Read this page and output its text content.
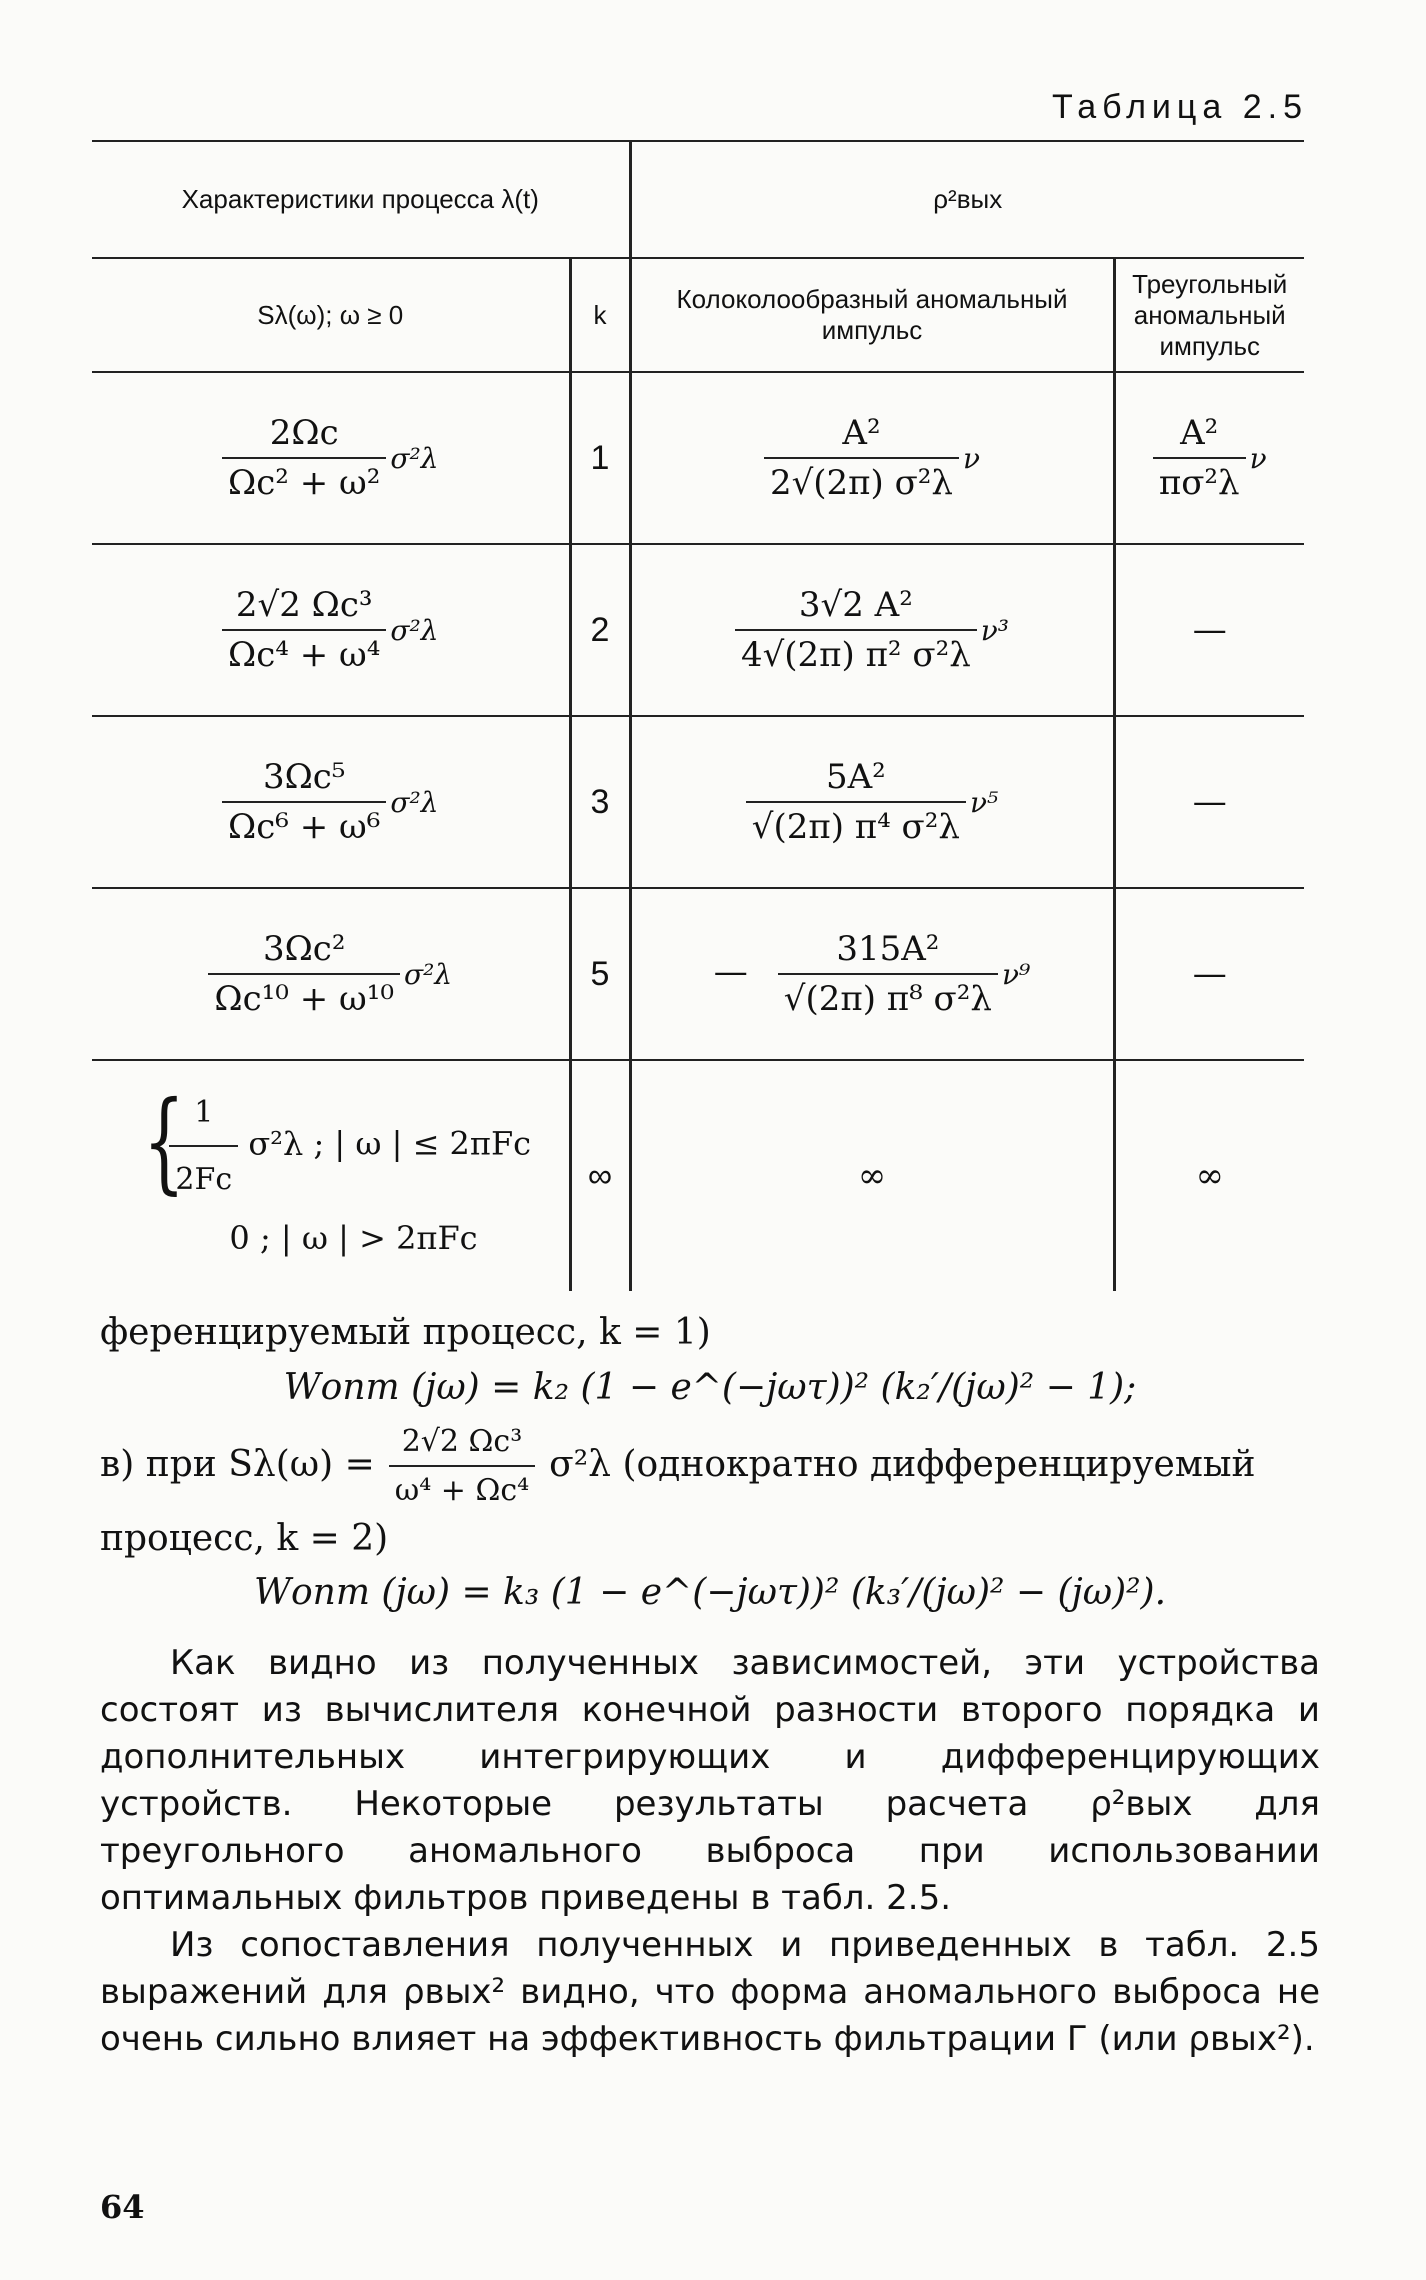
Таблица 2.5
Характеристики процесса λ(t)		ρ²вых	
Sλ(ω); ω ≥ 0	k	Колоколообразный аномальный импульс	Треугольный аномальный импульс

$\frac{2\Omega c}{\text{Ωc² + ω²}} \sigma^2\lambda$	1	$\frac{\text{A²}}{\text{2√(2π) σ²λ}}$ ν	$\frac{\text{A²}}{\text{πσ²λ}}$ ν

$\frac{\text{2√2 Ωc³}}{\text{Ωc⁴ + ω⁴}} \sigma^2\lambda$	2	$\frac{\text{3√2 A²}}{\text{4√(2π) π² σ²λ}} \nu^3$	—

$\frac{\text{3Ωc⁵}}{\text{Ωc⁶ + ω⁶}} \sigma^2\lambda$	3	$\frac{\text{5A²}}{\text{√(2π) π⁴ σ²λ}} \nu^5$	—

$\frac{\text{3Ωc²}}{\text{Ωc¹⁰ + ω¹⁰}} \sigma^2\lambda$	5	— $\frac{\text{315A²}}{\text{√(2π) π⁸ σ²λ}} \nu^9$	—

{
$\frac{1}{2Fc} \sigma^2\lambda$ ; | ω | ≤ 2πFc
0 ; | ω | > 2πFc	∞	∞	∞
ференцируемый процесс, k = 1)
Wопт (jω) = k₂ (1 − e^(−jωτ))² (k₂′/(jω)² − 1);
в) при $S\lambda(\omega) = \frac{\text{2√2 Ωc³}}{\text{ω⁴ + Ωc⁴}} \sigma^2\lambda$ (однократно дифференцируемый
процесс, k = 2)
Wопт (jω) = k₃ (1 − e^(−jωτ))² (k₃′/(jω)² − (jω)²).
Как видно из полученных зависимостей, эти устройства состоят из вычислителя конечной разности второго порядка и дополнительных интегрирующих и дифференцирующих устройств. Некоторые результаты расчета ρ²вых для треугольного аномального выброса при использовании оптимальных фильтров приведены в табл. 2.5.
Из сопоставления полученных и приведенных в табл. 2.5 выражений для ρвых² видно, что форма аномального выброса не очень сильно влияет на эффективность фильтрации Г (или ρвых²).
64
